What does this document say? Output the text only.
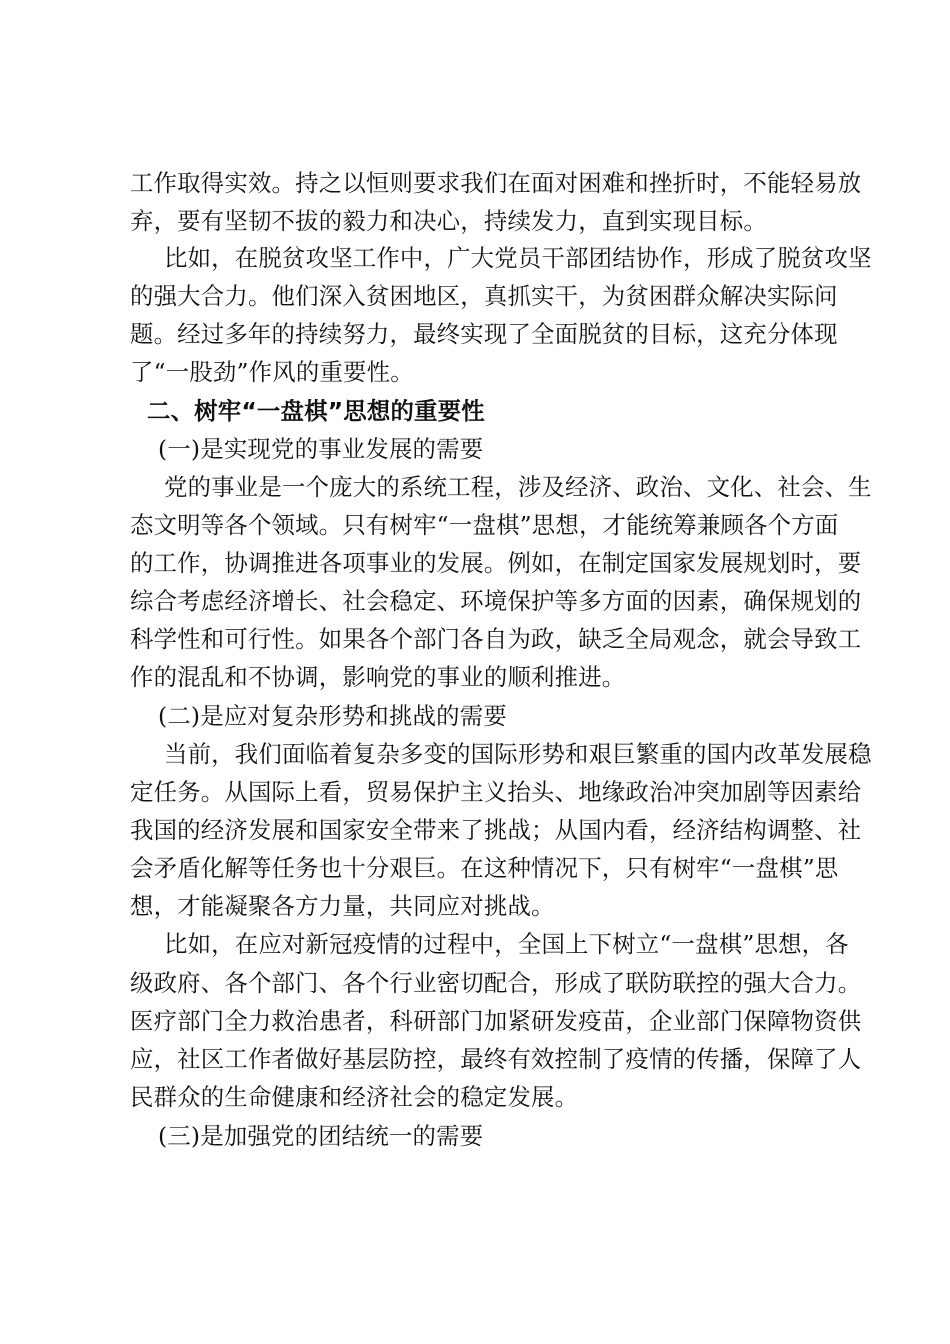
工作取得实效。持之以恒则要求我们在面对困难和挫折时，不能轻易放
弃，要有坚韧不拔的毅力和决心，持续发力，直到实现目标。
比如，在脱贫攻坚工作中，广大党员干部团结协作，形成了脱贫攻坚
的强大合力。他们深入贫困地区，真抓实干，为贫困群众解决实际问
题。经过多年的持续努力，最终实现了全面脱贫的目标，这充分体现
了“一股劲”作风的重要性。
二、树牢“一盘棋”思想的重要性
(一)是实现党的事业发展的需要
党的事业是一个庞大的系统工程，涉及经济、政治、文化、社会、生
态文明等各个领域。只有树牢“一盘棋”思想，才能统筹兼顾各个方面
的工作，协调推进各项事业的发展。例如，在制定国家发展规划时，要
综合考虑经济增长、社会稳定、环境保护等多方面的因素，确保规划的
科学性和可行性。如果各个部门各自为政，缺乏全局观念，就会导致工
作的混乱和不协调，影响党的事业的顺利推进。
(二)是应对复杂形势和挑战的需要
当前，我们面临着复杂多变的国际形势和艰巨繁重的国内改革发展稳
定任务。从国际上看，贸易保护主义抬头、地缘政治冲突加剧等因素给
我国的经济发展和国家安全带来了挑战；从国内看，经济结构调整、社
会矛盾化解等任务也十分艰巨。在这种情况下，只有树牢“一盘棋”思
想，才能凝聚各方力量，共同应对挑战。
比如，在应对新冠疫情的过程中，全国上下树立“一盘棋”思想，各
级政府、各个部门、各个行业密切配合，形成了联防联控的强大合力。
医疗部门全力救治患者，科研部门加紧研发疫苗，企业部门保障物资供
应，社区工作者做好基层防控，最终有效控制了疫情的传播，保障了人
民群众的生命健康和经济社会的稳定发展。
(三)是加强党的团结统一的需要
